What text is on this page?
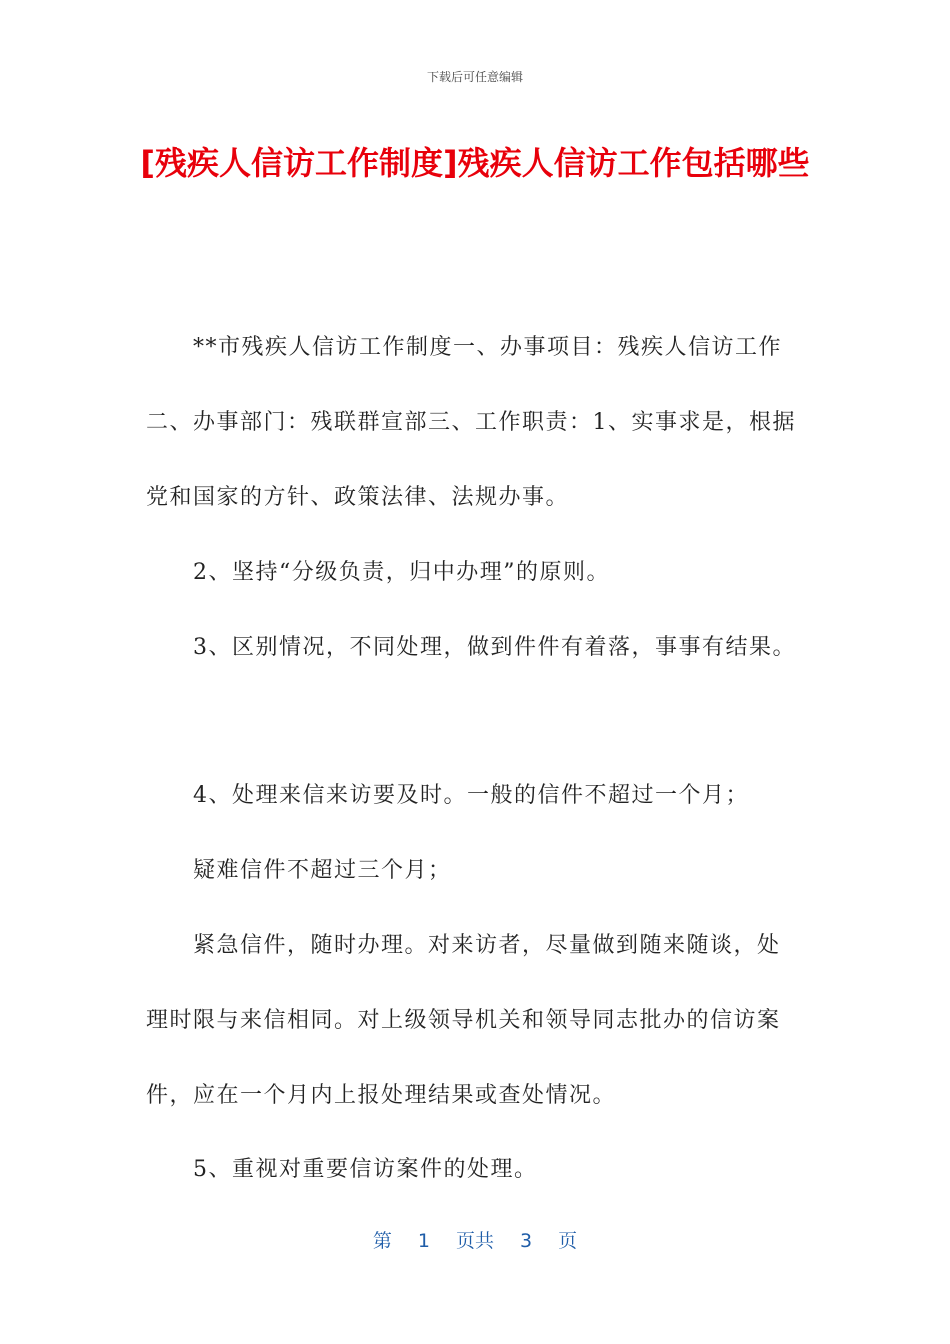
下载后可任意编辑
[残疾人信访工作制度]残疾人信访工作包括哪些
**市残疾人信访工作制度一、办事项目：残疾人信访工作
二、办事部门：残联群宣部三、工作职责：1、实事求是，根据
党和国家的方针、政策法律、法规办事。
2、坚持“分级负责，归中办理”的原则。
3、区别情况，不同处理，做到件件有着落，事事有结果。
4、处理来信来访要及时。一般的信件不超过一个月；
疑难信件不超过三个月；
紧急信件，随时办理。对来访者，尽量做到随来随谈，处
理时限与来信相同。对上级领导机关和领导同志批办的信访案
件，应在一个月内上报处理结果或查处情况。
5、重视对重要信访案件的处理。
第 1 页共 3 页
